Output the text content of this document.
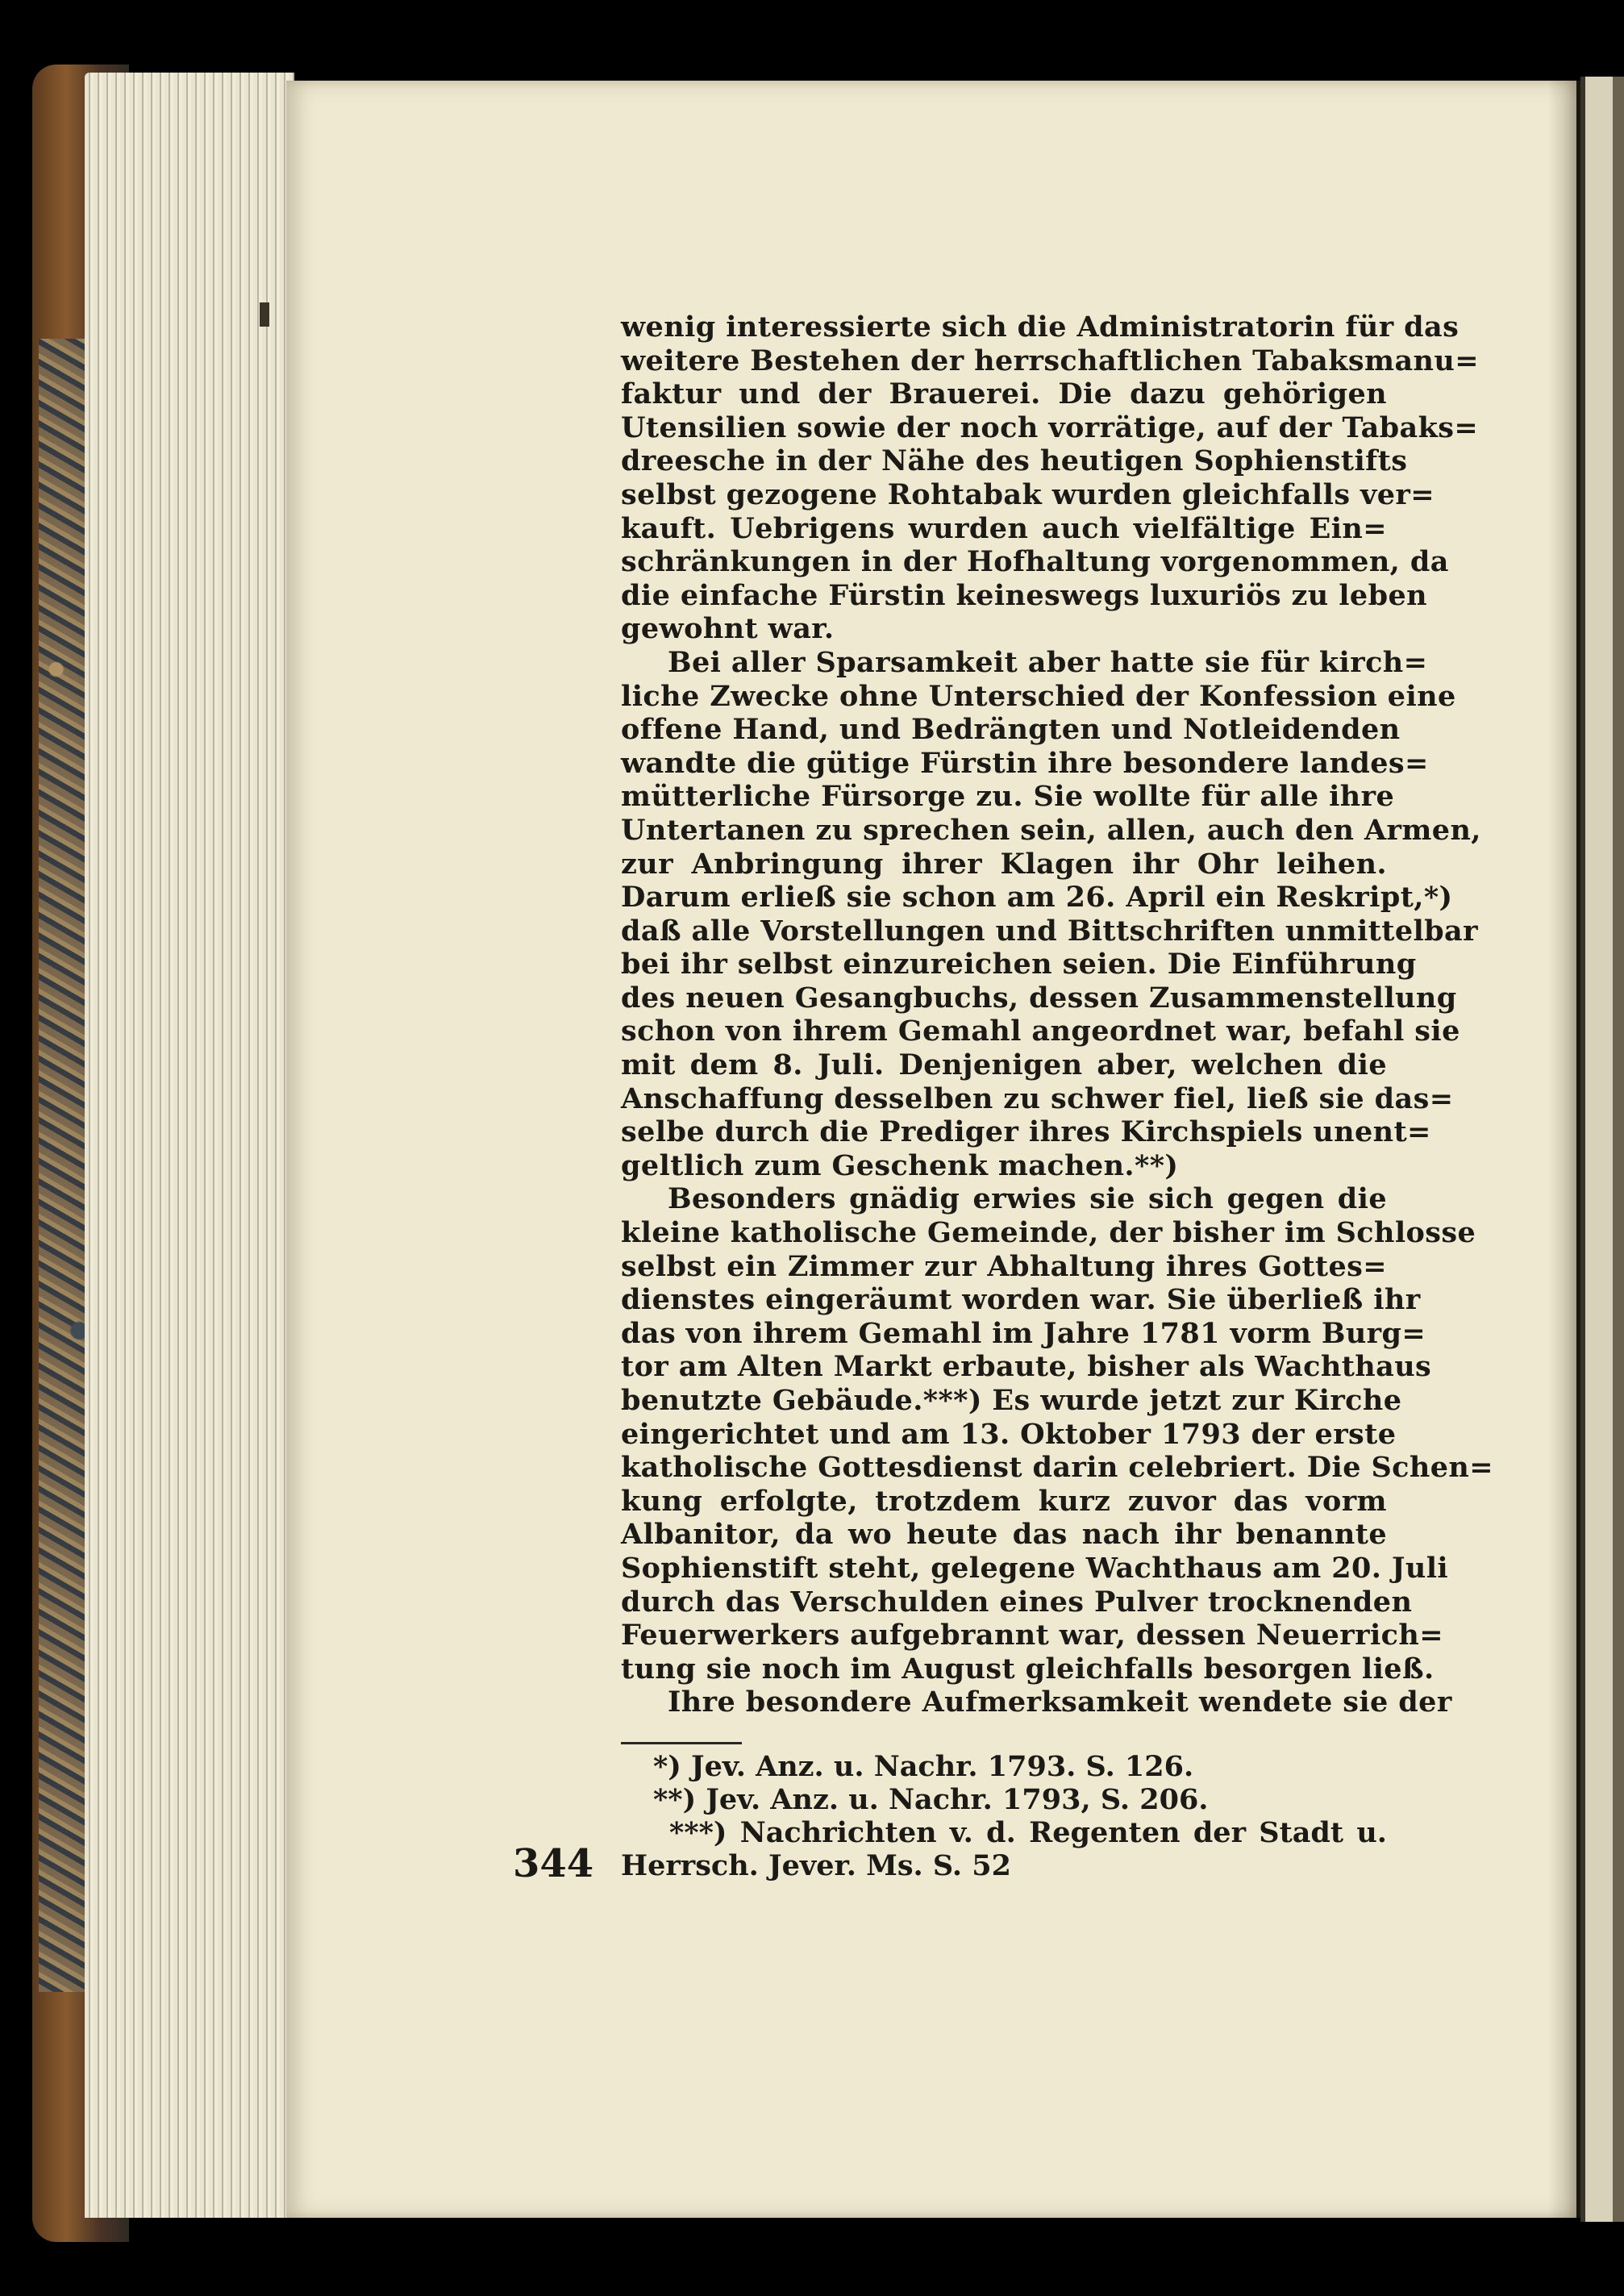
wenig interessierte sich die Administratorin für das
weitere Bestehen der herrschaftlichen Tabaksmanu=
faktur und der Brauerei. Die dazu gehörigen
Utensilien sowie der noch vorrätige, auf der Tabaks=
dreesche in der Nähe des heutigen Sophienstifts
selbst gezogene Rohtabak wurden gleichfalls ver=
kauft. Uebrigens wurden auch vielfältige Ein=
schränkungen in der Hofhaltung vorgenommen, da
die einfache Fürstin keineswegs luxuriös zu leben
gewohnt war.
Bei aller Sparsamkeit aber hatte sie für kirch=
liche Zwecke ohne Unterschied der Konfession eine
offene Hand, und Bedrängten und Notleidenden
wandte die gütige Fürstin ihre besondere landes=
mütterliche Fürsorge zu. Sie wollte für alle ihre
Untertanen zu sprechen sein, allen, auch den Armen,
zur Anbringung ihrer Klagen ihr Ohr leihen.
Darum erließ sie schon am 26. April ein Reskript,*)
daß alle Vorstellungen und Bittschriften unmittelbar
bei ihr selbst einzureichen seien. Die Einführung
des neuen Gesangbuchs, dessen Zusammenstellung
schon von ihrem Gemahl angeordnet war, befahl sie
mit dem 8. Juli. Denjenigen aber, welchen die
Anschaffung desselben zu schwer fiel, ließ sie das=
selbe durch die Prediger ihres Kirchspiels unent=
geltlich zum Geschenk machen.**)
Besonders gnädig erwies sie sich gegen die
kleine katholische Gemeinde, der bisher im Schlosse
selbst ein Zimmer zur Abhaltung ihres Gottes=
dienstes eingeräumt worden war. Sie überließ ihr
das von ihrem Gemahl im Jahre 1781 vorm Burg=
tor am Alten Markt erbaute, bisher als Wachthaus
benutzte Gebäude.***) Es wurde jetzt zur Kirche
eingerichtet und am 13. Oktober 1793 der erste
katholische Gottesdienst darin celebriert. Die Schen=
kung erfolgte, trotzdem kurz zuvor das vorm
Albanitor, da wo heute das nach ihr benannte
Sophienstift steht, gelegene Wachthaus am 20. Juli
durch das Verschulden eines Pulver trocknenden
Feuerwerkers aufgebrannt war, dessen Neuerrich=
tung sie noch im August gleichfalls besorgen ließ.
Ihre besondere Aufmerksamkeit wendete sie der
*) Jev. Anz. u. Nachr. 1793. S. 126.
**) Jev. Anz. u. Nachr. 1793, S. 206.
***) Nachrichten v. d. Regenten der Stadt u.
Herrsch. Jever. Ms. S. 52
344
